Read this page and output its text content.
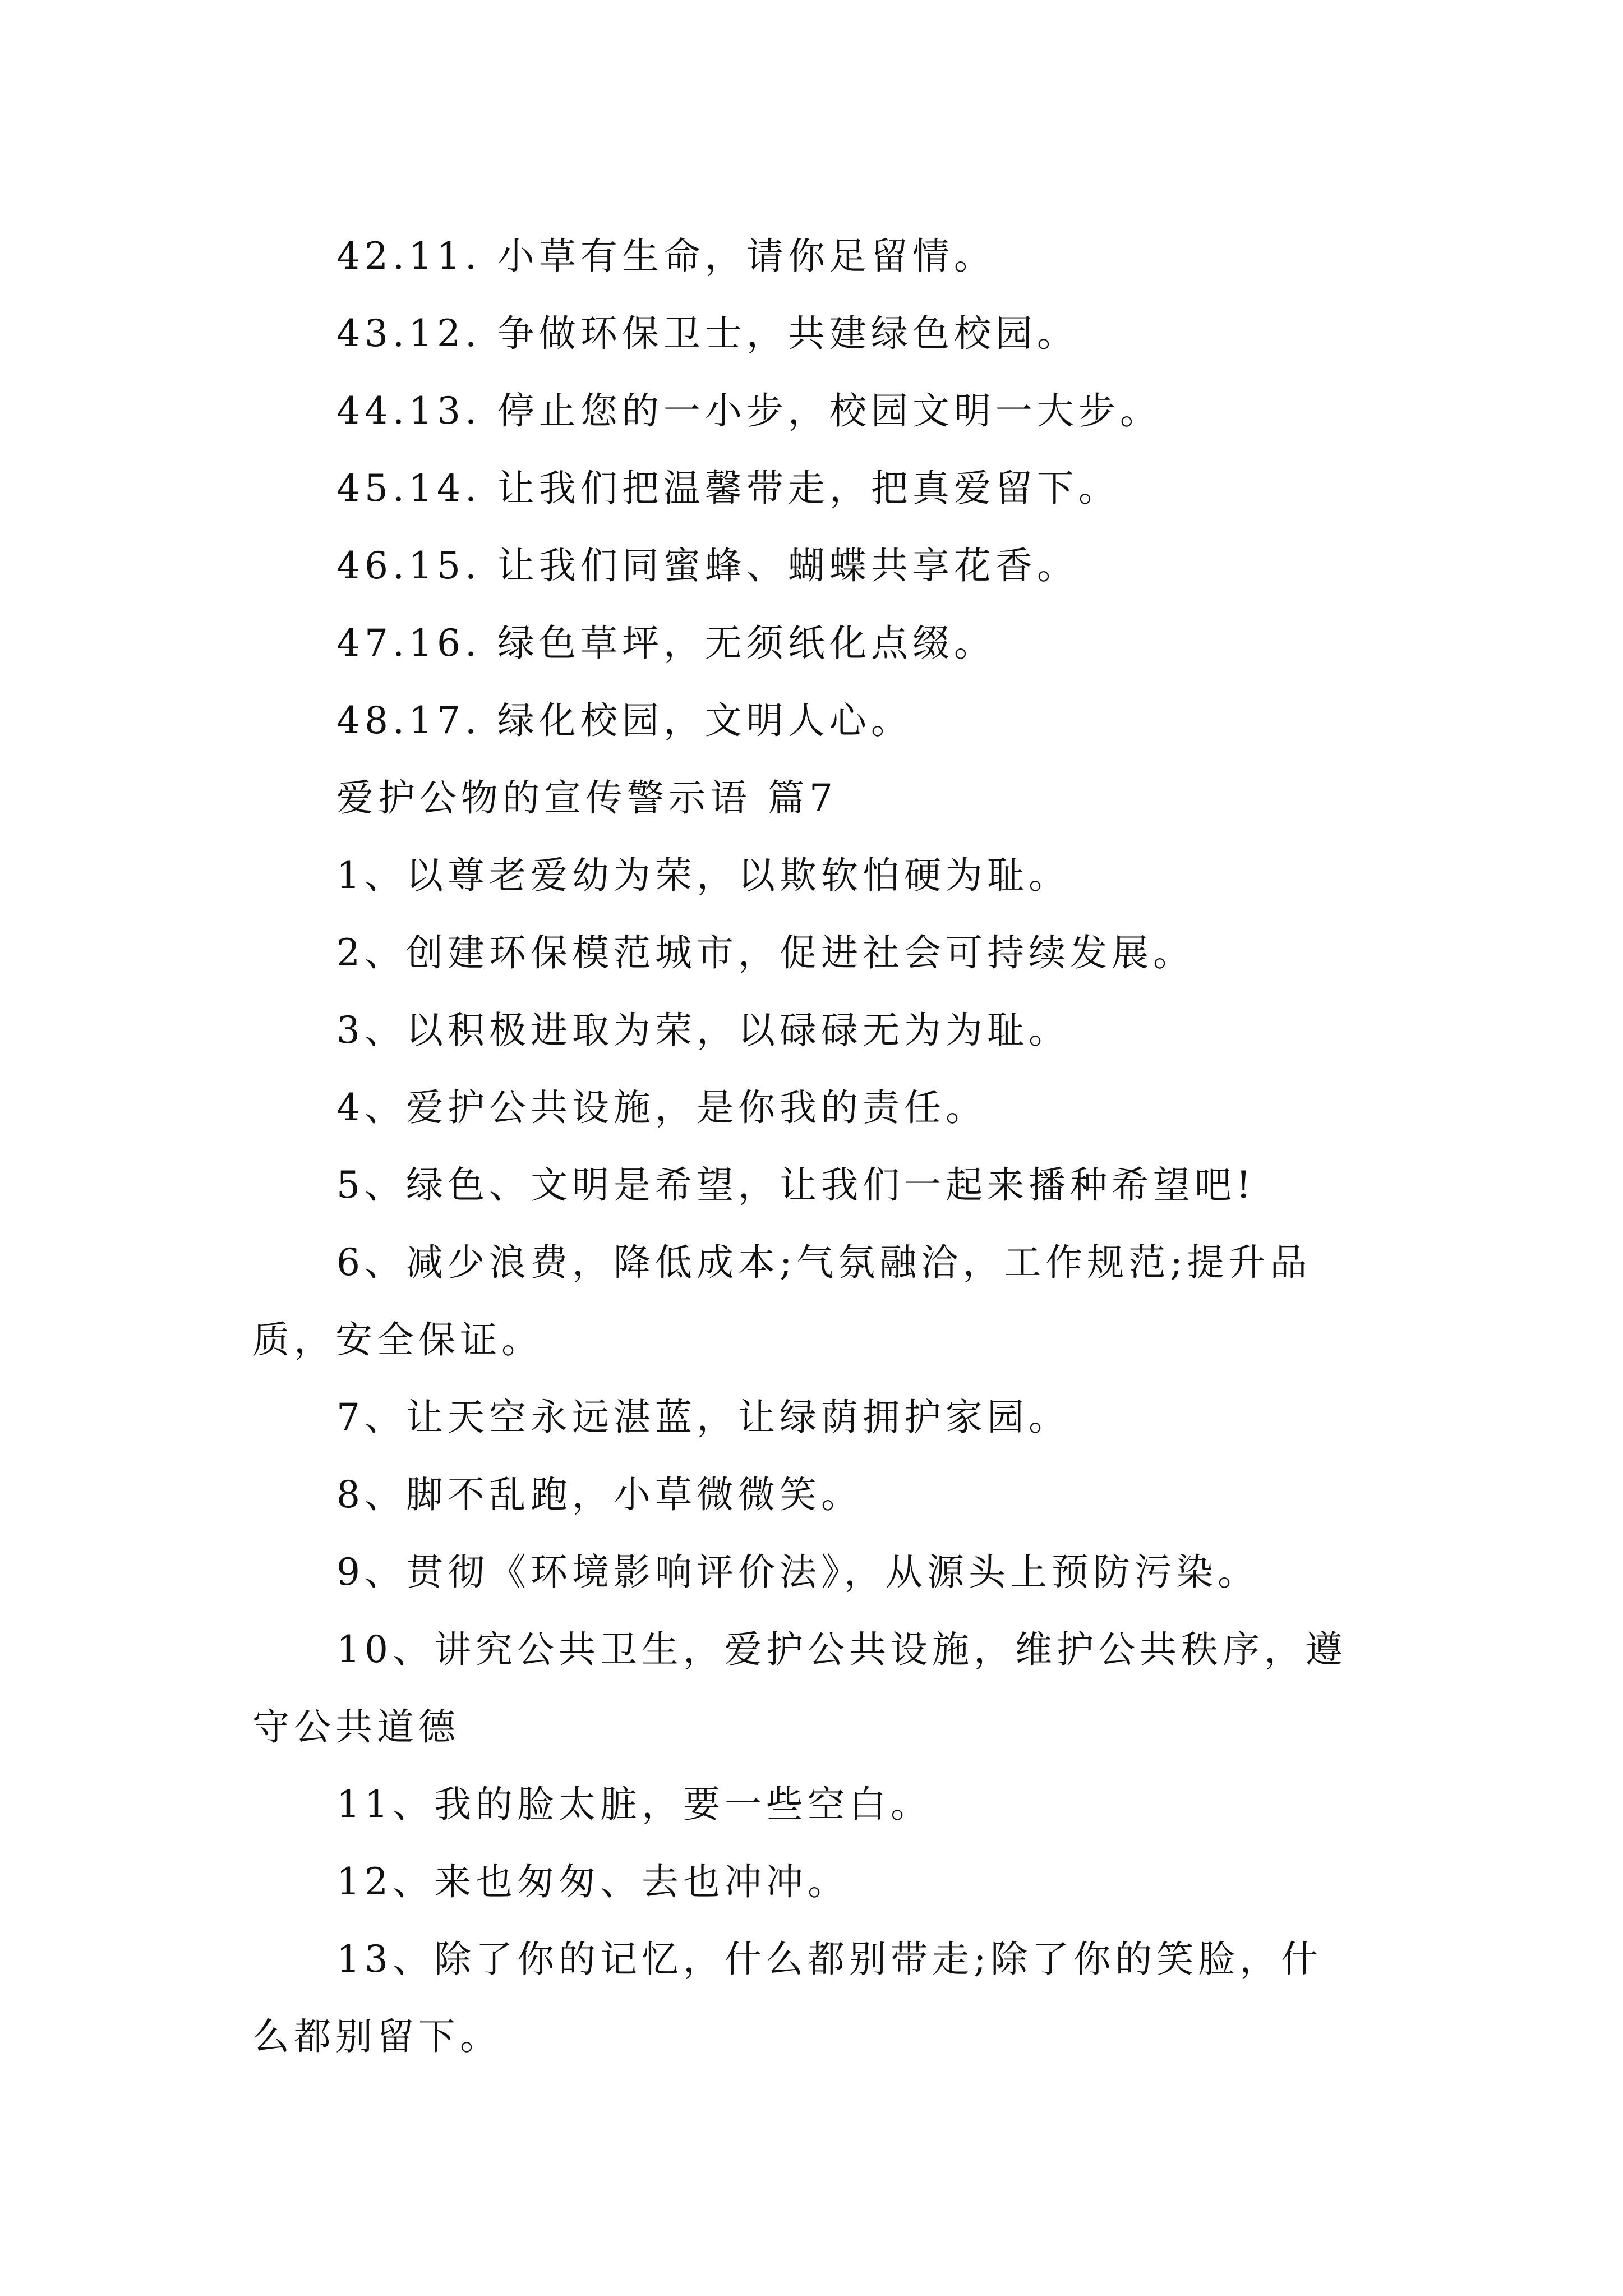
42.11. 小草有生命，请你足留情。
43.12. 争做环保卫士，共建绿色校园。
44.13. 停止您的一小步，校园文明一大步。
45.14. 让我们把温馨带走，把真爱留下。
46.15. 让我们同蜜蜂、蝴蝶共享花香。
47.16. 绿色草坪，无须纸化点缀。
48.17. 绿化校园，文明人心。
爱护公物的宣传警示语 篇7
1、以尊老爱幼为荣，以欺软怕硬为耻。
2、创建环保模范城市，促进社会可持续发展。
3、以积极进取为荣，以碌碌无为为耻。
4、爱护公共设施，是你我的责任。
5、绿色、文明是希望，让我们一起来播种希望吧!
6、减少浪费，降低成本;气氛融洽，工作规范;提升品
质，安全保证。
7、让天空永远湛蓝，让绿荫拥护家园。
8、脚不乱跑，小草微微笑。
9、贯彻《环境影响评价法》，从源头上预防污染。
10、讲究公共卫生，爱护公共设施，维护公共秩序，遵
守公共道德
11、我的脸太脏，要一些空白。
12、来也匆匆、去也冲冲。
13、除了你的记忆，什么都别带走;除了你的笑脸，什
么都别留下。
